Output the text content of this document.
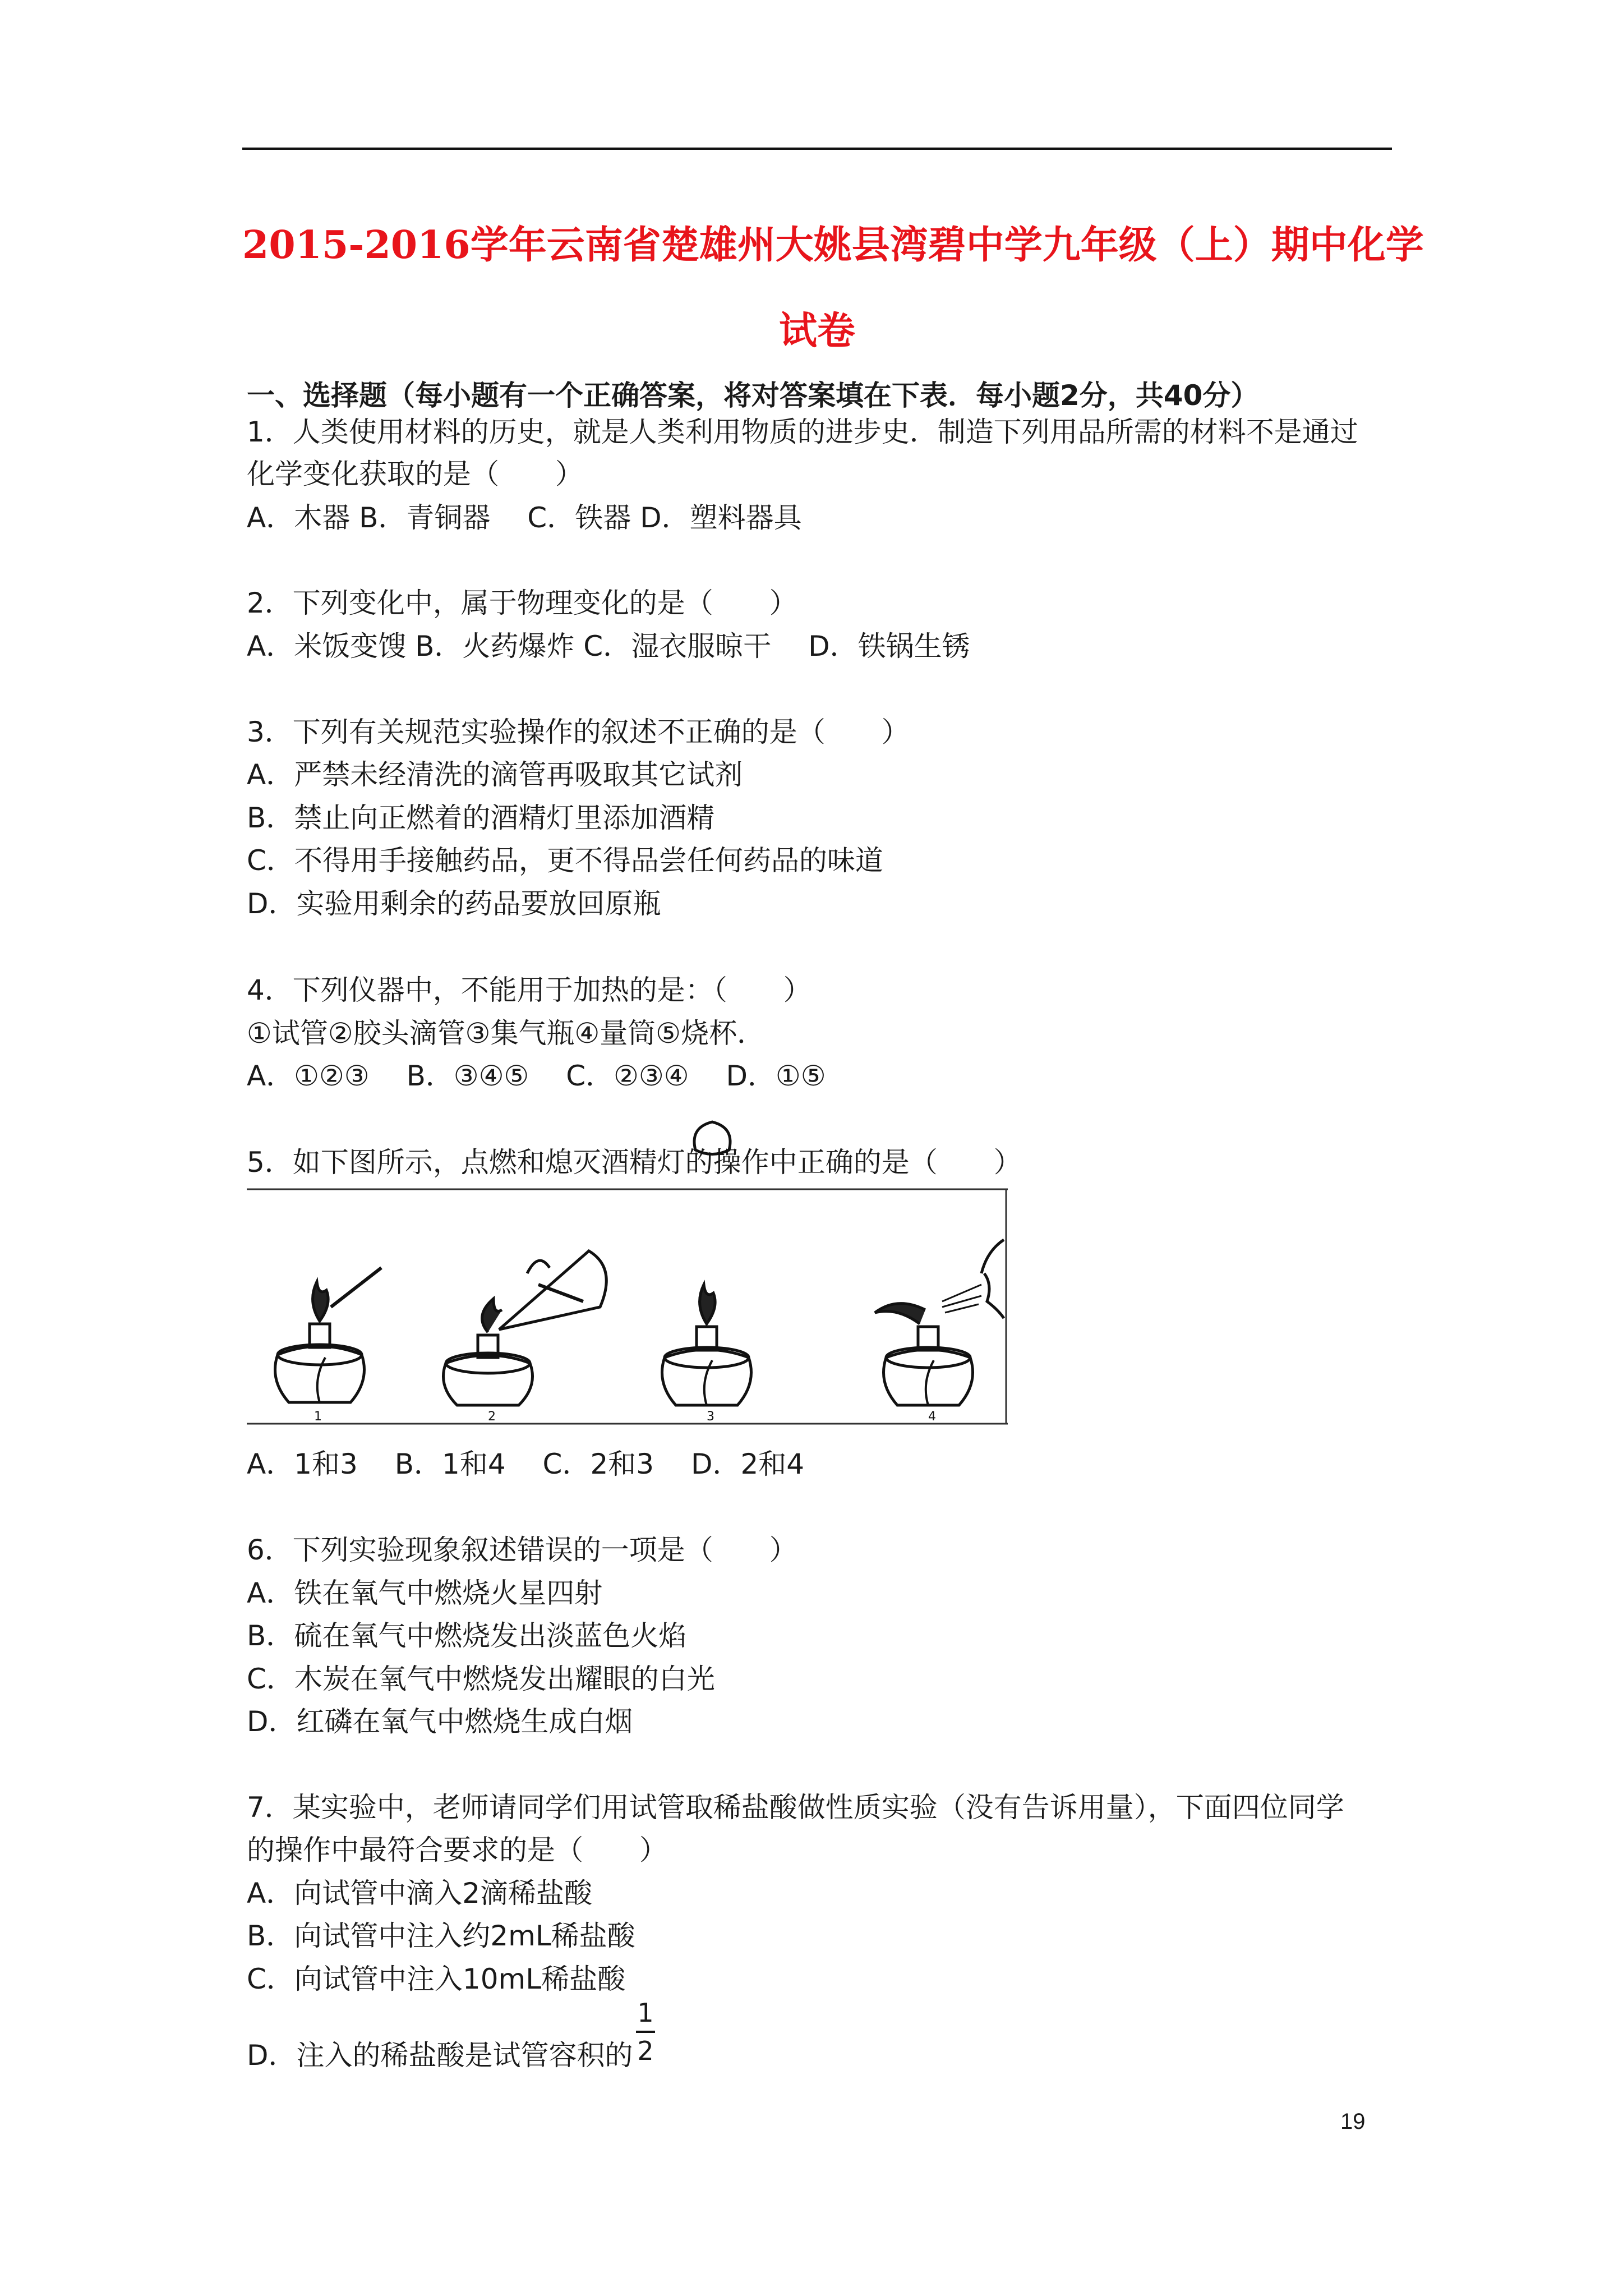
2015-2016学年云南省楚雄州大姚县湾碧中学九年级（上）期中化学
试卷
一、选择题（每小题有一个正确答案，将对答案填在下表．每小题2分，共40分）
1．人类使用材料的历史，就是人类利用物质的进步史．制造下列用品所需的材料不是通过
化学变化获取的是（　　）
A．木器 B．青铜器　 C．铁器 D．塑料器具
2．下列变化中，属于物理变化的是（　　）
A．米饭变馊 B．火药爆炸 C．湿衣服晾干　 D．铁锅生锈
3．下列有关规范实验操作的叙述不正确的是（　　）
A．严禁未经清洗的滴管再吸取其它试剂
B．禁止向正燃着的酒精灯里添加酒精
C．不得用手接触药品，更不得品尝任何药品的味道
D．实验用剩余的药品要放回原瓶
4．下列仪器中，不能用于加热的是：（　　）
①试管②胶头滴管③集气瓶④量筒⑤烧杯．
A．①②③　 B．③④⑤　 C．②③④　 D．①⑤
5．如下图所示，点燃和熄灭酒精灯的操作中正确的是（　　）
1	2	3	4
A．1和3　 B．1和4　 C．2和3　 D．2和4
6．下列实验现象叙述错误的一项是（　　）
A．铁在氧气中燃烧火星四射
B．硫在氧气中燃烧发出淡蓝色火焰
C．木炭在氧气中燃烧发出耀眼的白光
D．红磷在氧气中燃烧生成白烟
7．某实验中，老师请同学们用试管取稀盐酸做性质实验（没有告诉用量），下面四位同学
的操作中最符合要求的是（　　）
A．向试管中滴入2滴稀盐酸
B．向试管中注入约2mL稀盐酸
C．向试管中注入10mL稀盐酸
D．注入的稀盐酸是试管容积的
1
2
19
